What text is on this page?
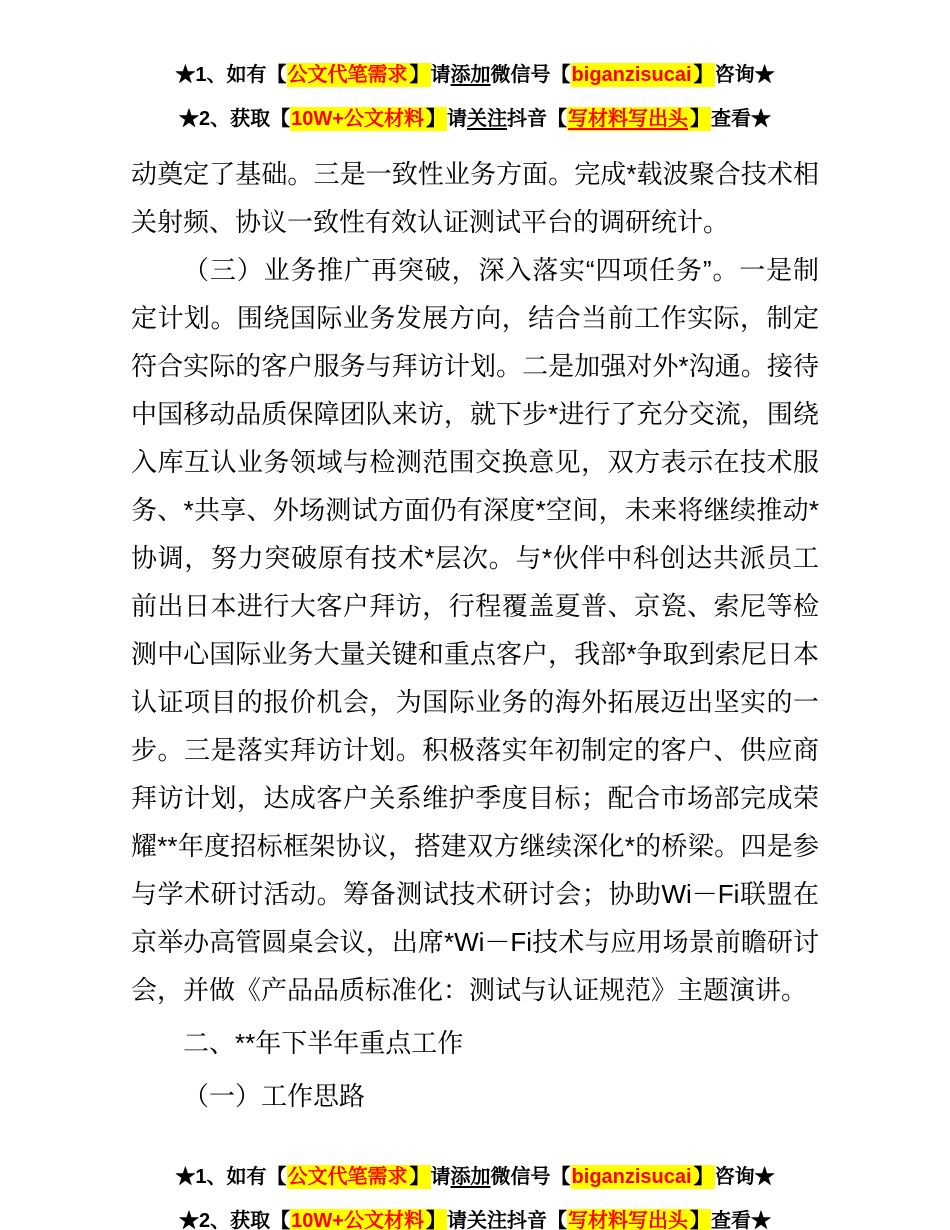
★1、如有【公文代笔需求 】请添加微信号【biganzisucai 】咨询★
★2、获取【10W+公文材料 】请关注抖音【写材料写出头 】查看★

动奠定了基础。三是一致性业务方面。完成*载波聚合技术相关射频、协议一致性有效认证测试平台的调研统计。

（三）业务推广再突破，深入落实“四项任务”。一是制定计划。围绕国际业务发展方向，结合当前工作实际，制定符合实际的客户服务与拜访计划。二是加强对外*沟通。接待中国移动品质保障团队来访，就下步*进行了充分交流，围绕入库互认业务领域与检测范围交换意见，双方表示在技术服务、*共享、外场测试方面仍有深度*空间，未来将继续推动*协调，努力突破原有技术*层次。与*伙伴中科创达共派员工前出日本进行大客户拜访，行程覆盖夏普、京瓷、索尼等检测中心国际业务大量关键和重点客户，我部*争取到索尼日本认证项目的报价机会，为国际业务的海外拓展迈出坚实的一步。三是落实拜访计划。积极落实年初制定的客户、供应商拜访计划，达成客户关系维护季度目标；配合市场部完成荣耀**年度招标框架协议，搭建双方继续深化*的桥梁。四是参与学术研讨活动。筹备测试技术研讨会；协助Wi－Fi联盟在京举办高管圆桌会议，出席*Wi－Fi技术与应用场景前瞻研讨会，并做《产品品质标准化：测试与认证规范》主题演讲。

二、**年下半年重点工作

（一）工作思路

★1、如有【公文代笔需求 】请添加微信号【biganzisucai 】咨询★
★2、获取【10W+公文材料 】请关注抖音【写材料写出头 】查看★
